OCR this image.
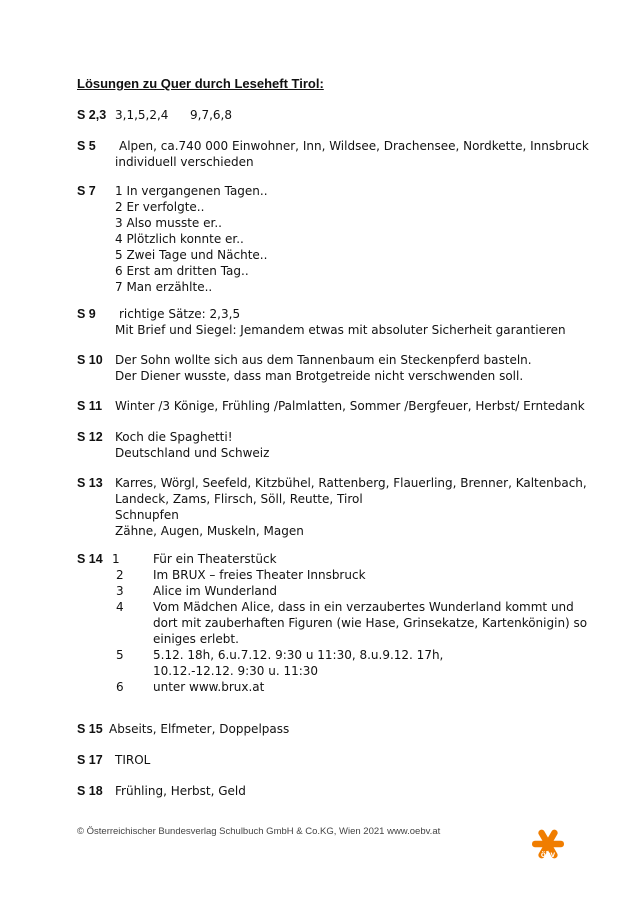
Lösungen zu Quer durch Leseheft Tirol:
S 2,3 3,1,5,2,4 9,7,6,8
S 5 Alpen, ca.740 000 Einwohner, Inn, Wildsee, Drachensee, Nordkette, Innsbruck
individuell verschieden
S 7 1 In vergangenen Tagen..
2 Er verfolgte..
3 Also musste er..
4 Plötzlich konnte er..
5 Zwei Tage und Nächte..
6 Erst am dritten Tag..
7 Man erzählte..
S 9 richtige Sätze: 2,3,5
Mit Brief und Siegel: Jemandem etwas mit absoluter Sicherheit garantieren
S 10 Der Sohn wollte sich aus dem Tannenbaum ein Steckenpferd basteln.
Der Diener wusste, dass man Brotgetreide nicht verschwenden soll.
S 11 Winter /3 Könige, Frühling /Palmlatten, Sommer /Bergfeuer, Herbst/ Erntedank
S 12 Koch die Spaghetti!
Deutschland und Schweiz
S 13 Karres, Wörgl, Seefeld, Kitzbühel, Rattenberg, Flauerling, Brenner, Kaltenbach,
Landeck, Zams, Flirsch, Söll, Reutte, Tirol
Schnupfen
Zähne, Augen, Muskeln, Magen
S 14 1	Für ein Theaterstück
2 Im BRUX – freies Theater Innsbruck
3 Alice im Wunderland
4 Vom Mädchen Alice, dass in ein verzaubertes Wunderland kommt und
dort mit zauberhaften Figuren (wie Hase, Grinsekatze, Kartenkönigin) so
einiges erlebt.
5 5.12. 18h, 6.u.7.12. 9:30 u 11:30, 8.u.9.12. 17h,
10.12.-12.12. 9:30 u. 11:30
6 unter www.brux.at
S 15 Abseits, Elfmeter, Doppelpass
S 17 TIROL
S 18 Frühling, Herbst, Geld
© Österreichischer Bundesverlag Schulbuch GmbH & Co.KG, Wien 2021 www.oebv.at
öbv
